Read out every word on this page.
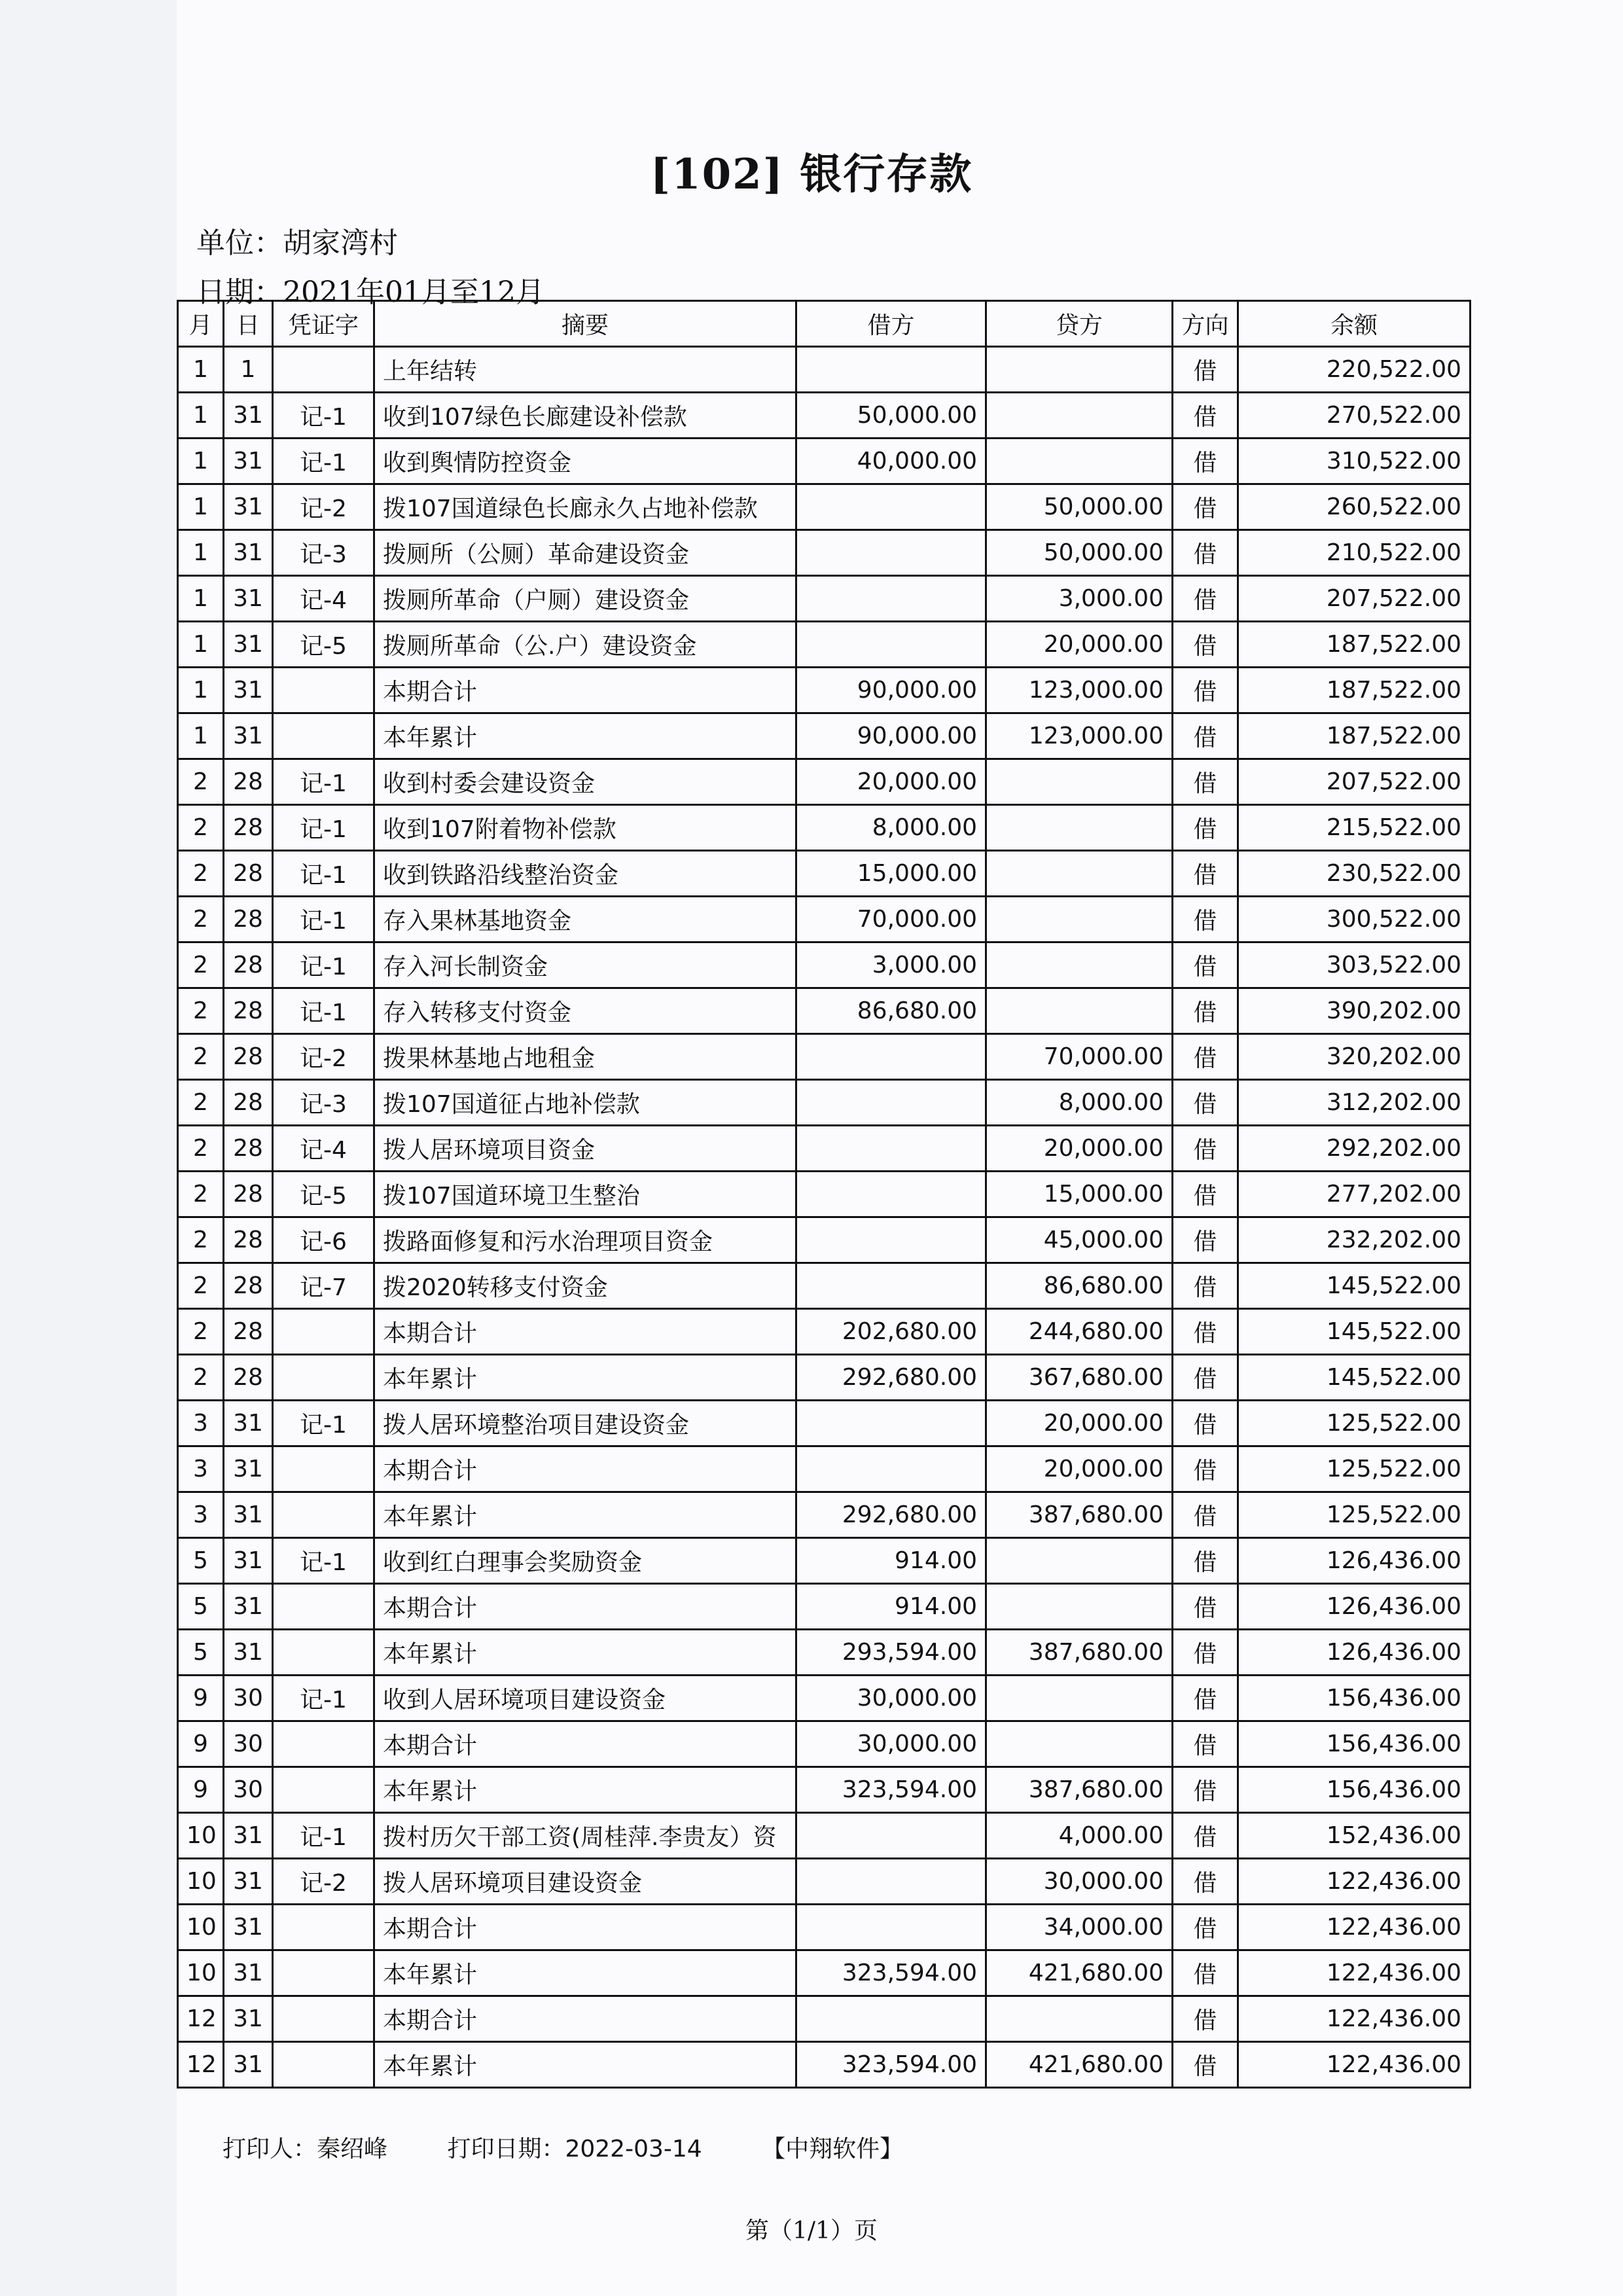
[102] 银行存款
单位：胡家湾村
日期：2021年01月至12月
月	日	凭证字	摘要	借方	贷方	方向	余额
1	1		上年结转			借	220,522.00
1	31	记-1	收到107绿色长廊建设补偿款	50,000.00		借	270,522.00
1	31	记-1	收到舆情防控资金	40,000.00		借	310,522.00
1	31	记-2	拨107国道绿色长廊永久占地补偿款		50,000.00	借	260,522.00
1	31	记-3	拨厕所（公厕）革命建设资金		50,000.00	借	210,522.00
1	31	记-4	拨厕所革命（户厕）建设资金		3,000.00	借	207,522.00
1	31	记-5	拨厕所革命（公.户）建设资金		20,000.00	借	187,522.00
1	31		本期合计	90,000.00	123,000.00	借	187,522.00
1	31		本年累计	90,000.00	123,000.00	借	187,522.00
2	28	记-1	收到村委会建设资金	20,000.00		借	207,522.00
2	28	记-1	收到107附着物补偿款	8,000.00		借	215,522.00
2	28	记-1	收到铁路沿线整治资金	15,000.00		借	230,522.00
2	28	记-1	存入果林基地资金	70,000.00		借	300,522.00
2	28	记-1	存入河长制资金	3,000.00		借	303,522.00
2	28	记-1	存入转移支付资金	86,680.00		借	390,202.00
2	28	记-2	拨果林基地占地租金		70,000.00	借	320,202.00
2	28	记-3	拨107国道征占地补偿款		8,000.00	借	312,202.00
2	28	记-4	拨人居环境项目资金		20,000.00	借	292,202.00
2	28	记-5	拨107国道环境卫生整治		15,000.00	借	277,202.00
2	28	记-6	拨路面修复和污水治理项目资金		45,000.00	借	232,202.00
2	28	记-7	拨2020转移支付资金		86,680.00	借	145,522.00
2	28		本期合计	202,680.00	244,680.00	借	145,522.00
2	28		本年累计	292,680.00	367,680.00	借	145,522.00
3	31	记-1	拨人居环境整治项目建设资金		20,000.00	借	125,522.00
3	31		本期合计		20,000.00	借	125,522.00
3	31		本年累计	292,680.00	387,680.00	借	125,522.00
5	31	记-1	收到红白理事会奖励资金	914.00		借	126,436.00
5	31		本期合计	914.00		借	126,436.00
5	31		本年累计	293,594.00	387,680.00	借	126,436.00
9	30	记-1	收到人居环境项目建设资金	30,000.00		借	156,436.00
9	30		本期合计	30,000.00		借	156,436.00
9	30		本年累计	323,594.00	387,680.00	借	156,436.00
10	31	记-1	拨村历欠干部工资(周桂萍.李贵友）资		4,000.00	借	152,436.00
10	31	记-2	拨人居环境项目建设资金		30,000.00	借	122,436.00
10	31		本期合计		34,000.00	借	122,436.00
10	31		本年累计	323,594.00	421,680.00	借	122,436.00
12	31		本期合计			借	122,436.00
12	31		本年累计	323,594.00	421,680.00	借	122,436.00
打印人：秦绍峰	打印日期：2022-03-14	【中翔软件】
第（1/1）页
